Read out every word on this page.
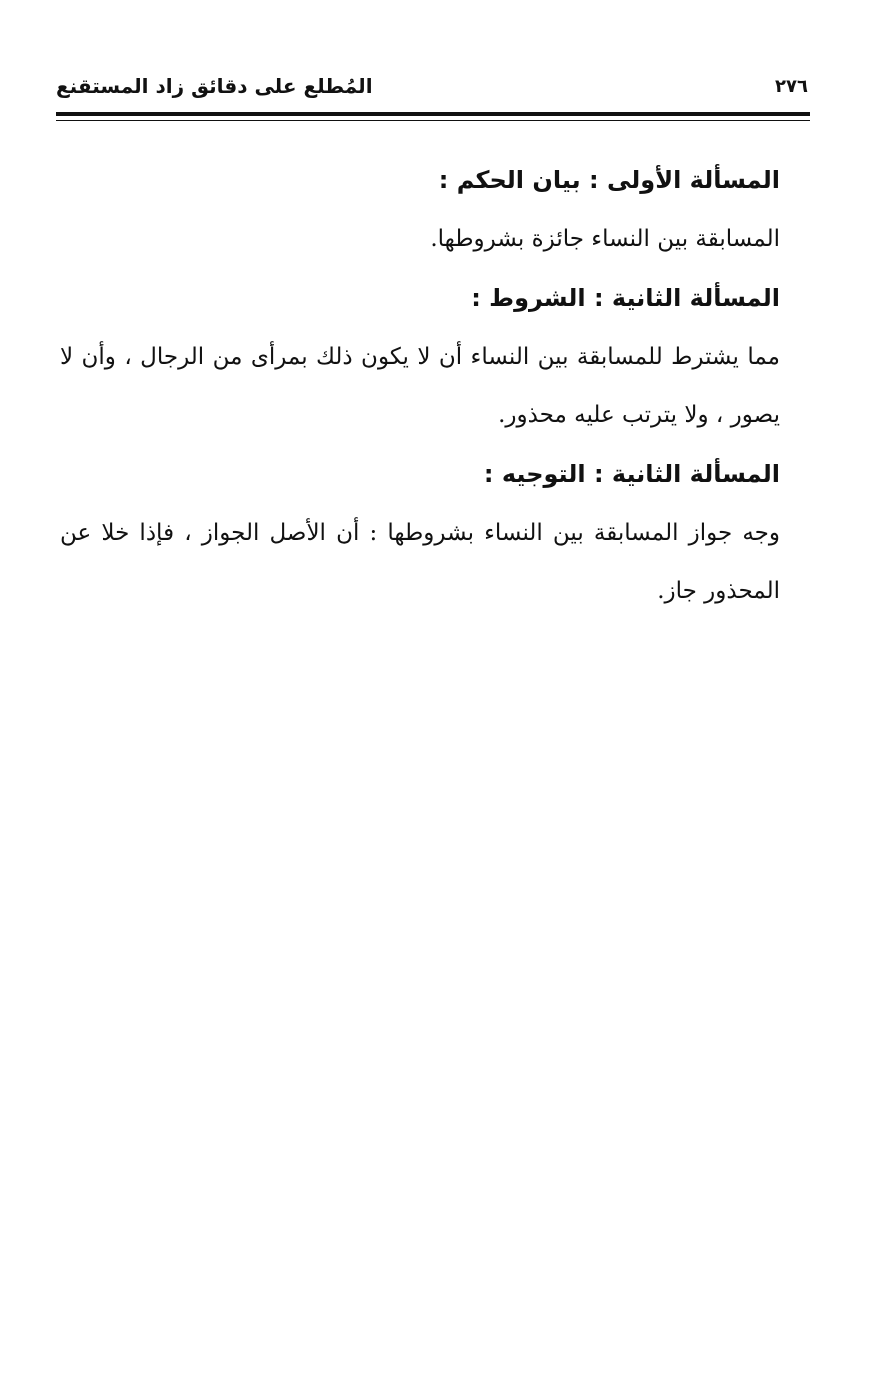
٢٧٦
المُطلع على دقائق زاد المستقنع
المسألة الأولى : بيان الحكم :

المسابقة بين النساء جائزة بشروطها.

المسألة الثانية : الشروط :

مما يشترط للمسابقة بين النساء أن لا يكون ذلك بمرأى من الرجال ، وأن لا يصور ، ولا يترتب عليه محذور.

المسألة الثانية : التوجيه :

وجه جواز المسابقة بين النساء بشروطها : أن الأصل الجواز ، فإذا خلا عن المحذور جاز.
